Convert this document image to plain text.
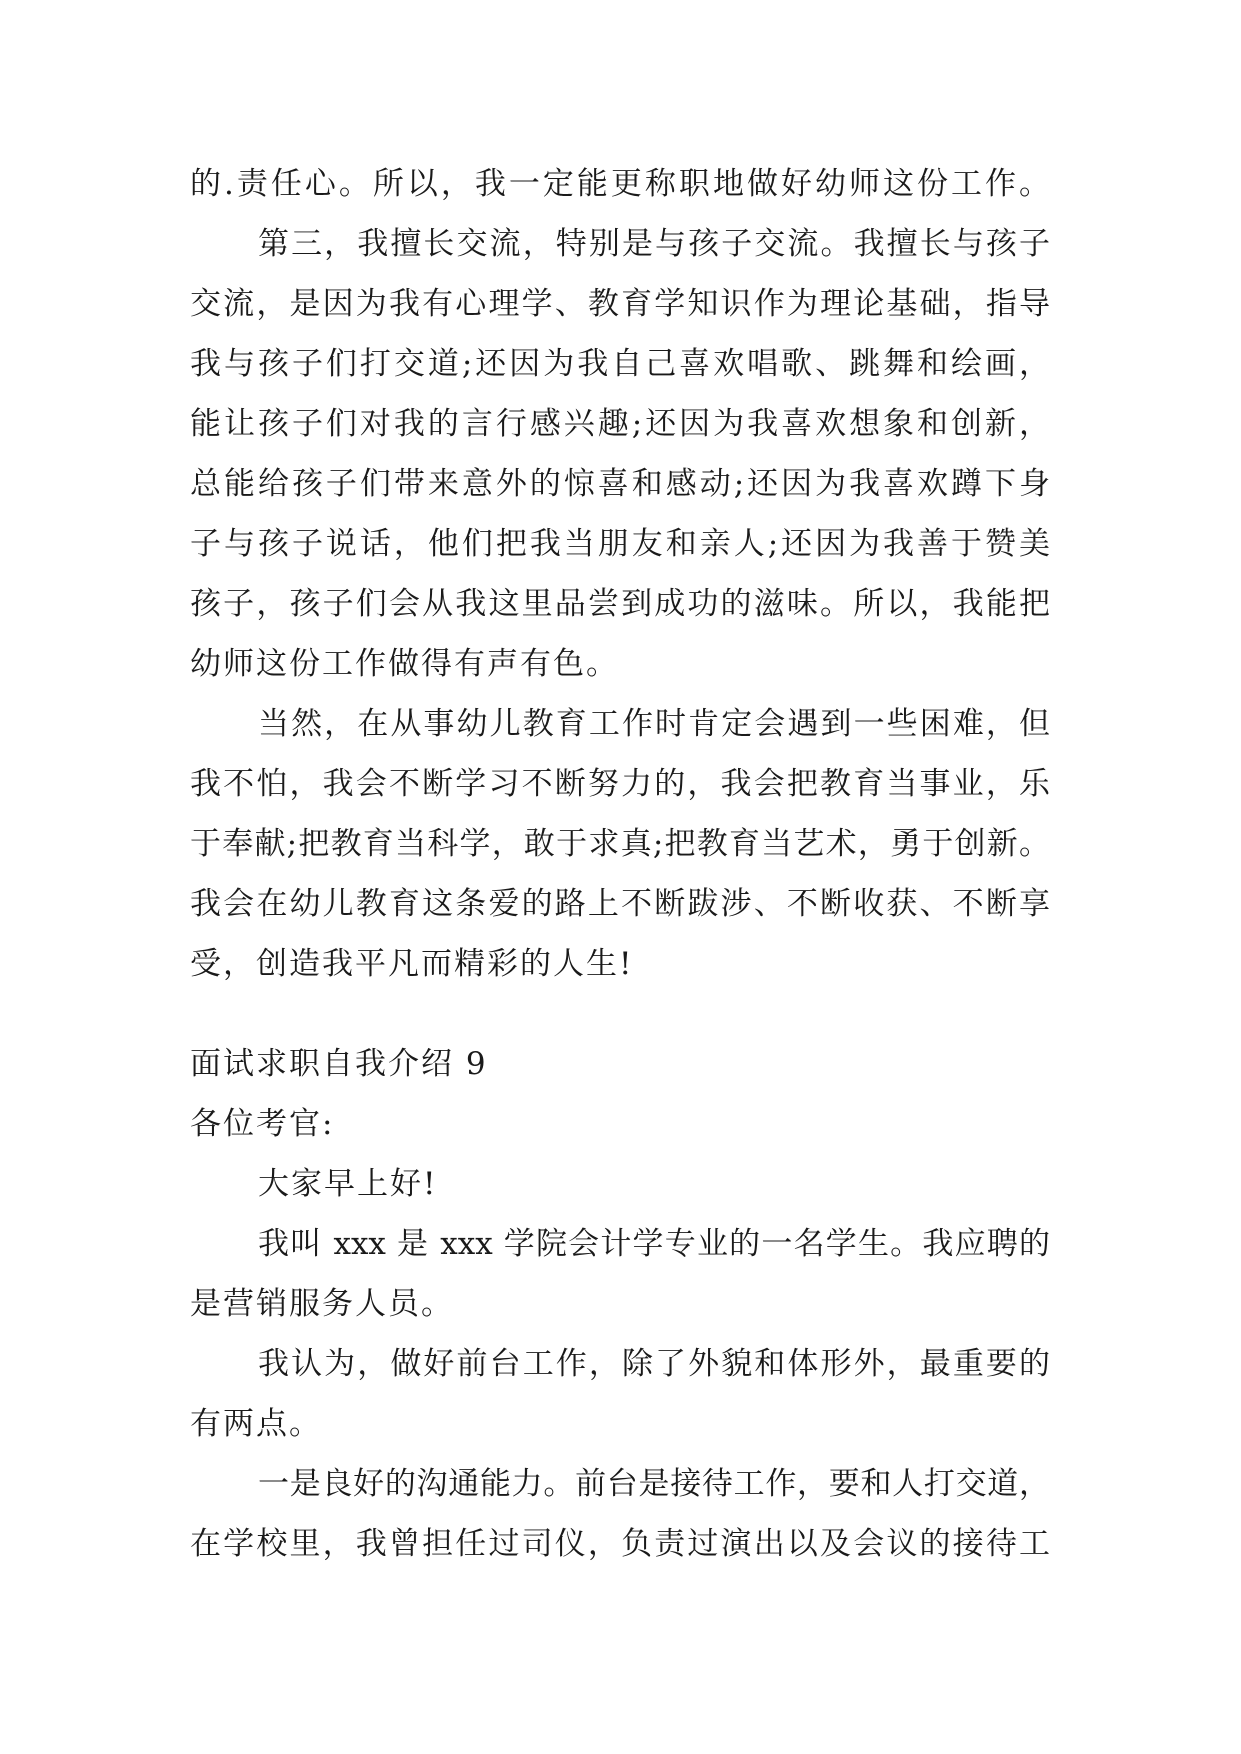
的.责任心。所以，我一定能更称职地做好幼师这份工作。
第三，我擅长交流，特别是与孩子交流。我擅长与孩子
交流，是因为我有心理学、教育学知识作为理论基础，指导
我与孩子们打交道;还因为我自己喜欢唱歌、跳舞和绘画，
能让孩子们对我的言行感兴趣;还因为我喜欢想象和创新，
总能给孩子们带来意外的惊喜和感动;还因为我喜欢蹲下身
子与孩子说话，他们把我当朋友和亲人;还因为我善于赞美
孩子，孩子们会从我这里品尝到成功的滋味。所以，我能把
幼师这份工作做得有声有色。
当然，在从事幼儿教育工作时肯定会遇到一些困难，但
我不怕，我会不断学习不断努力的，我会把教育当事业，乐
于奉献;把教育当科学，敢于求真;把教育当艺术，勇于创新。
我会在幼儿教育这条爱的路上不断跋涉、不断收获、不断享
受，创造我平凡而精彩的人生!
面试求职自我介绍 9
各位考官:
大家早上好!
我叫 xxx 是 xxx 学院会计学专业的一名学生。我应聘的
是营销服务人员。
我认为，做好前台工作，除了外貌和体形外，最重要的
有两点。
一是良好的沟通能力。前台是接待工作，要和人打交道，
在学校里，我曾担任过司仪，负责过演出以及会议的接待工
